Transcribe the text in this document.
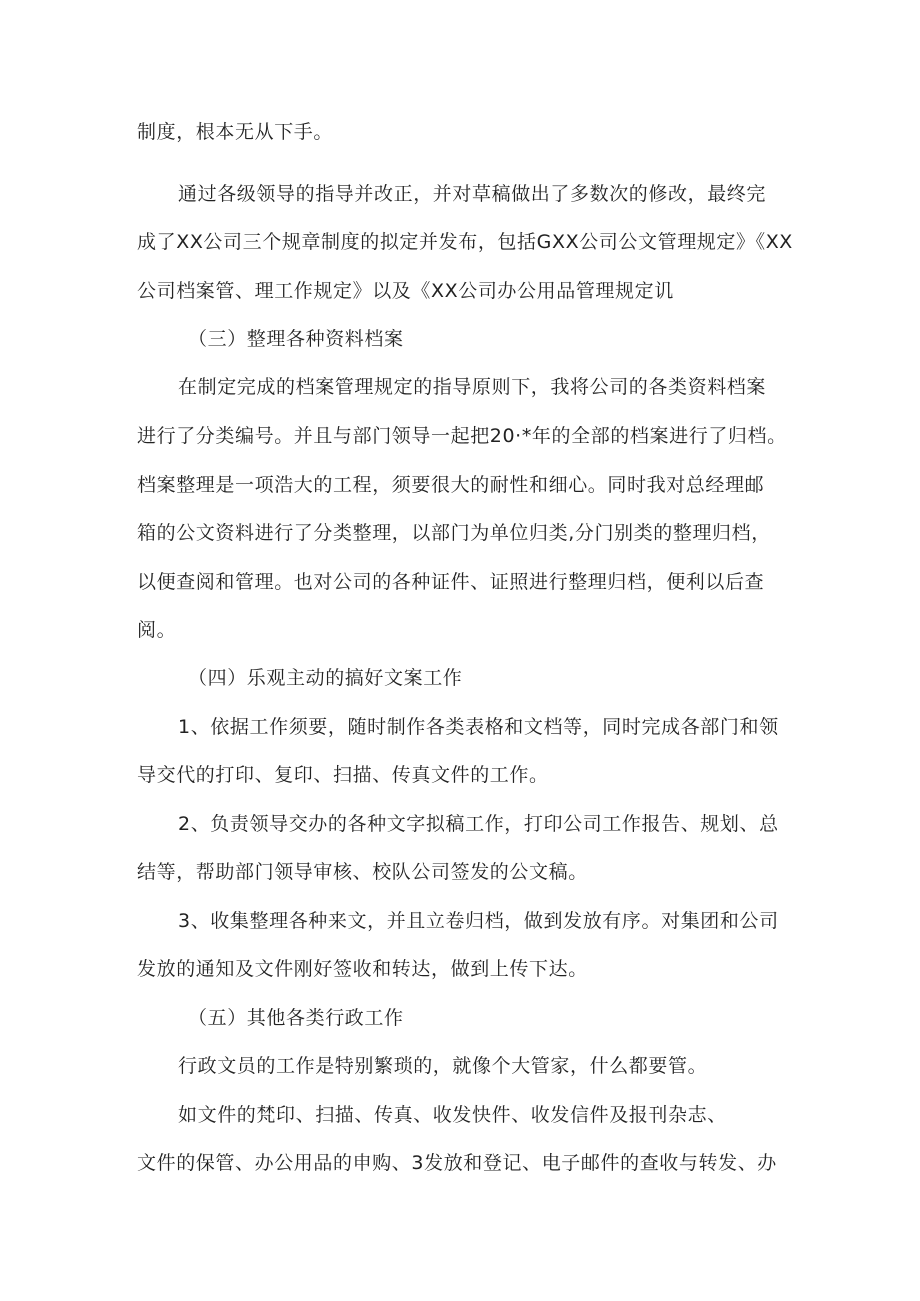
制度，根本无从下手。
通过各级领导的指导并改正，并对草稿做出了多数次的修改，最终完
成了XX公司三个规章制度的拟定并发布，包括GXX公司公文管理规定》《XX
公司档案管、理工作规定》以及《XX公司办公用品管理规定讥
（三）整理各种资料档案
在制定完成的档案管理规定的指导原则下，我将公司的各类资料档案
进行了分类编号。并且与部门领导一起把20·*年的全部的档案进行了归档。
档案整理是一项浩大的工程，须要很大的耐性和细心。同时我对总经理邮
箱的公文资料进行了分类整理，以部门为单位归类,分门别类的整理归档，
以便查阅和管理。也对公司的各种证件、证照进行整理归档，便利以后查
阅。
（四）乐观主动的搞好文案工作
1、依据工作须要，随时制作各类表格和文档等，同时完成各部门和领
导交代的打印、复印、扫描、传真文件的工作。
2、负责领导交办的各种文字拟稿工作，打印公司工作报告、规划、总
结等，帮助部门领导审核、校队公司签发的公文稿。
3、收集整理各种来文，并且立卷归档，做到发放有序。对集团和公司
发放的通知及文件刚好签收和转达，做到上传下达。
（五）其他各类行政工作
行政文员的工作是特别繁琐的，就像个大管家，什么都要管。
如文件的梵印、扫描、传真、收发快件、收发信件及报刊杂志、
文件的保管、办公用品的申购、3发放和登记、电子邮件的查收与转发、办
